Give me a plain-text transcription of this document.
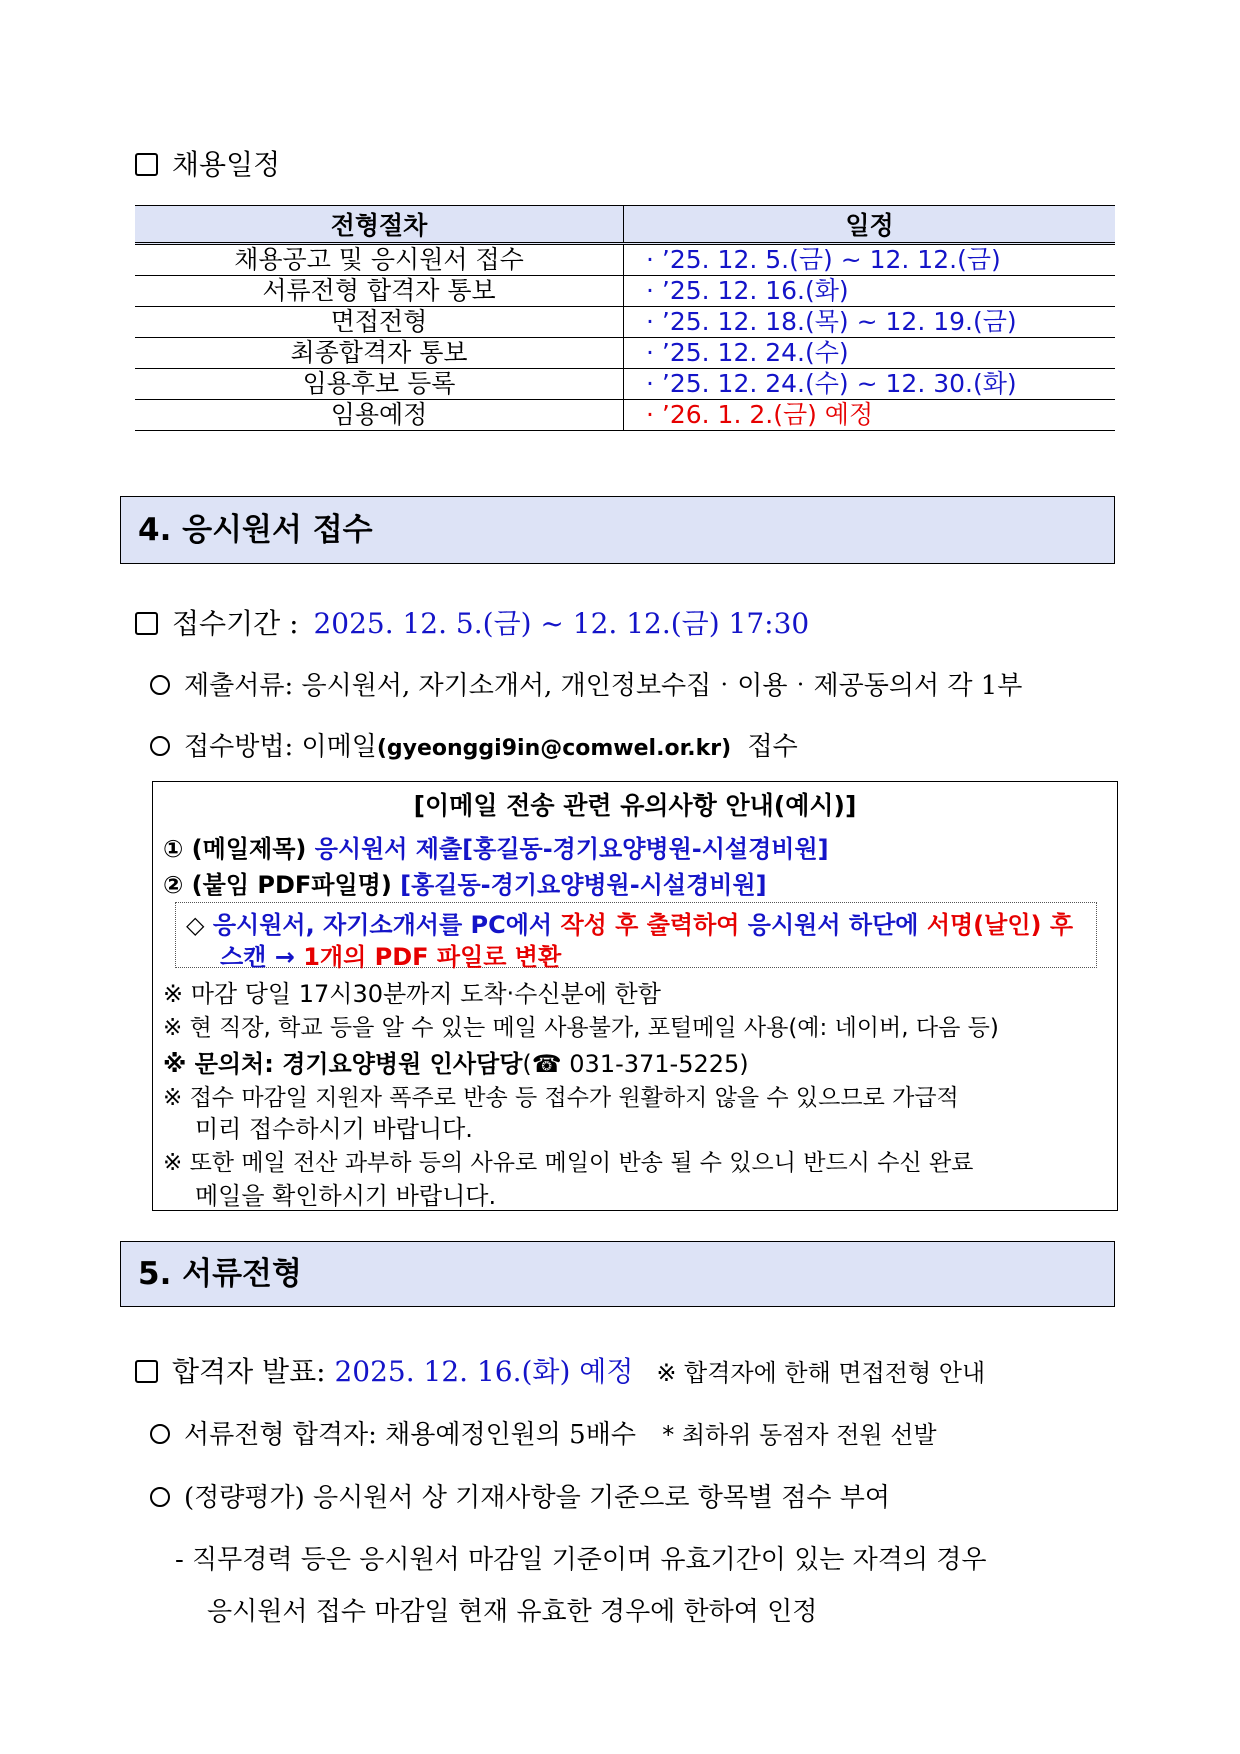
채용일정
전형절차	일정
채용공고 및 응시원서 접수	· ’25. 12. 5.(금) ~ 12. 12.(금)
서류전형 합격자 통보	· ’25. 12. 16.(화)
면접전형	· ’25. 12. 18.(목) ~ 12. 19.(금)
최종합격자 통보	· ’25. 12. 24.(수)
임용후보 등록	· ’25. 12. 24.(수) ~ 12. 30.(화)
임용예정	· ’26. 1. 2.(금) 예정
4. 응시원서 접수
접수기간 : 2025. 12. 5.(금) ~ 12. 12.(금) 17:30
제출서류: 응시원서, 자기소개서, 개인정보수집‧이용‧제공동의서 각 1부
접수방법: 이메일(gyeonggi9in@comwel.or.kr) 접수
[이메일 전송 관련 유의사항 안내(예시)]
① (메일제목) 응시원서 제출[홍길동-경기요양병원-시설경비원]
② (붙임 PDF파일명) [홍길동-경기요양병원-시설경비원]
◇ 응시원서, 자기소개서를 PC에서 작성 후 출력하여 응시원서 하단에 서명(날인) 후
스캔 → 1개의 PDF 파일로 변환
※ 마감 당일 17시30분까지 도착‧수신분에 한함
※ 현 직장, 학교 등을 알 수 있는 메일 사용불가, 포털메일 사용(예: 네이버, 다음 등)
※ 문의처: 경기요양병원 인사담당(☎ 031-371-5225)
※ 접수 마감일 지원자 폭주로 반송 등 접수가 원활하지 않을 수 있으므로 가급적
미리 접수하시기 바랍니다.
※ 또한 메일 전산 과부하 등의 사유로 메일이 반송 될 수 있으니 반드시 수신 완료
메일을 확인하시기 바랍니다.
5. 서류전형
합격자 발표: 2025. 12. 16.(화) 예정 ※ 합격자에 한해 면접전형 안내
서류전형 합격자: 채용예정인원의 5배수 * 최하위 동점자 전원 선발
(정량평가) 응시원서 상 기재사항을 기준으로 항목별 점수 부여
- 직무경력 등은 응시원서 마감일 기준이며 유효기간이 있는 자격의 경우
응시원서 접수 마감일 현재 유효한 경우에 한하여 인정
